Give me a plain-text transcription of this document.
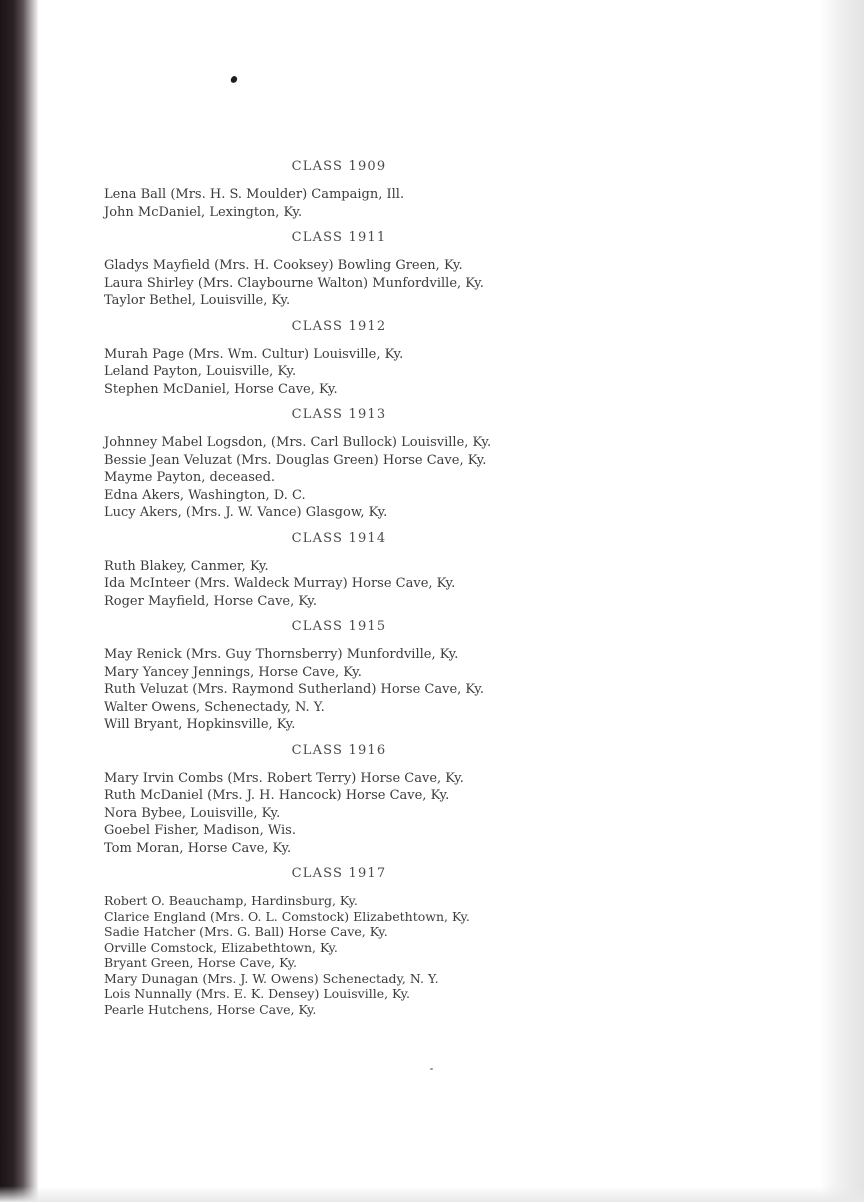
CLASS 1909
Lena Ball (Mrs. H. S. Moulder) Campaign, Ill.
John McDaniel, Lexington, Ky.
CLASS 1911
Gladys Mayfield (Mrs. H. Cooksey) Bowling Green, Ky.
Laura Shirley (Mrs. Claybourne Walton) Munfordville, Ky.
Taylor Bethel, Louisville, Ky.
CLASS 1912
Murah Page (Mrs. Wm. Cultur) Louisville, Ky.
Leland Payton, Louisville, Ky.
Stephen McDaniel, Horse Cave, Ky.
CLASS 1913
Johnney Mabel Logsdon, (Mrs. Carl Bullock) Louisville, Ky.
Bessie Jean Veluzat (Mrs. Douglas Green) Horse Cave, Ky.
Mayme Payton, deceased.
Edna Akers, Washington, D. C.
Lucy Akers, (Mrs. J. W. Vance) Glasgow, Ky.
CLASS 1914
Ruth Blakey, Canmer, Ky.
Ida McInteer (Mrs. Waldeck Murray) Horse Cave, Ky.
Roger Mayfield, Horse Cave, Ky.
CLASS 1915
May Renick (Mrs. Guy Thornsberry) Munfordville, Ky.
Mary Yancey Jennings, Horse Cave, Ky.
Ruth Veluzat (Mrs. Raymond Sutherland) Horse Cave, Ky.
Walter Owens, Schenectady, N. Y.
Will Bryant, Hopkinsville, Ky.
CLASS 1916
Mary Irvin Combs (Mrs. Robert Terry) Horse Cave, Ky.
Ruth McDaniel (Mrs. J. H. Hancock) Horse Cave, Ky.
Nora Bybee, Louisville, Ky.
Goebel Fisher, Madison, Wis.
Tom Moran, Horse Cave, Ky.
CLASS 1917
Robert O. Beauchamp, Hardinsburg, Ky.
Clarice England (Mrs. O. L. Comstock) Elizabethtown, Ky.
Sadie Hatcher (Mrs. G. Ball) Horse Cave, Ky.
Orville Comstock, Elizabethtown, Ky.
Bryant Green, Horse Cave, Ky.
Mary Dunagan (Mrs. J. W. Owens) Schenectady, N. Y.
Lois Nunnally (Mrs. E. K. Densey) Louisville, Ky.
Pearle Hutchens, Horse Cave, Ky.
